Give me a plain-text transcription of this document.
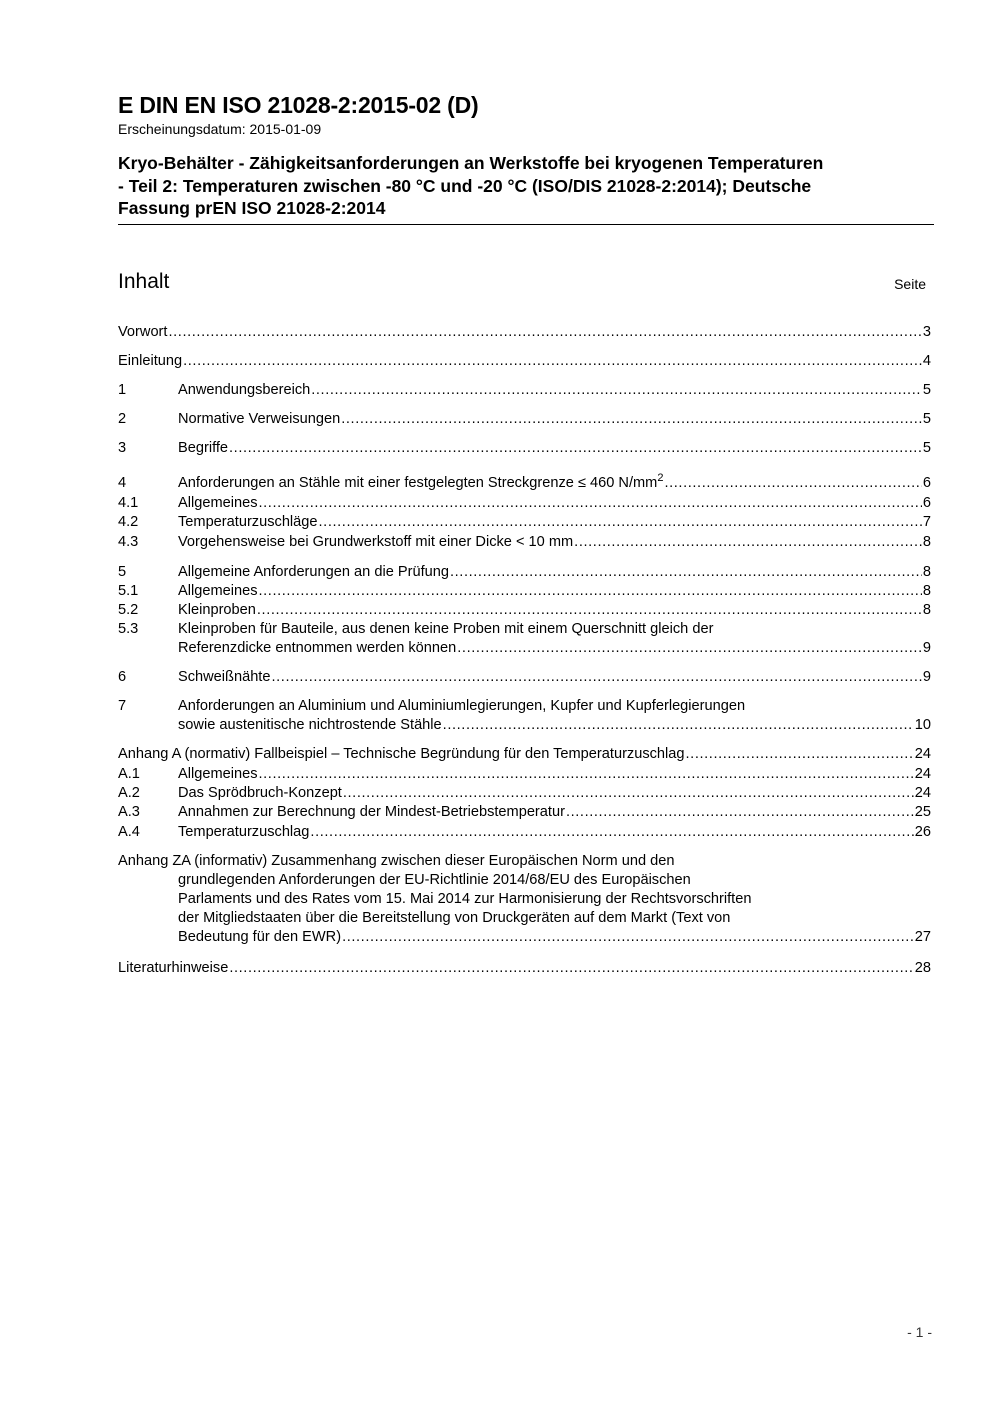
E DIN EN ISO 21028-2:2015-02 (D)
Erscheinungsdatum: 2015-01-09
Kryo-Behälter - Zähigkeitsanforderungen an Werkstoffe bei kryogenen Temperaturen
- Teil 2: Temperaturen zwischen -80 °C und -20 °C (ISO/DIS 21028-2:2014); Deutsche
Fassung prEN ISO 21028-2:2014
Inhalt	Seite
Vorwort .....	3
Einleitung .....	4
1	Anwendungsbereich .....	5
2	Normative Verweisungen .....	5
3	Begriffe .....	5
4	Anforderungen an Stähle mit einer festgelegten Streckgrenze ≤ 460 $N/mm^2$ .....	6
4.1	Allgemeines .....	6
4.2	Temperaturzuschläge .....	7
4.3	Vorgehensweise bei Grundwerkstoff mit einer Dicke < 10 mm .....	8
5	Allgemeine Anforderungen an die Prüfung .....	8
5.1	Allgemeines .....	8
5.2	Kleinproben .....	8
5.3	Kleinproben für Bauteile, aus denen keine Proben mit einem Querschnitt gleich der
Referenzdicke entnommen werden können .....	9
6	Schweißnähte .....	9
7	Anforderungen an Aluminium und Aluminiumlegierungen, Kupfer und Kupferlegierungen
sowie austenitische nichtrostende Stähle .....	10
Anhang A (normativ) Fallbeispiel – Technische Begründung für den Temperaturzuschlag .....	24
A.1	Allgemeines .....	24
A.2	Das Sprödbruch-Konzept .....	24
A.3	Annahmen zur Berechnung der Mindest-Betriebstemperatur .....	25
A.4	Temperaturzuschlag .....	26
Anhang ZA (informativ) Zusammenhang zwischen dieser Europäischen Norm und den
grundlegenden Anforderungen der EU-Richtlinie 2014/68/EU des Europäischen
Parlaments und des Rates vom 15. Mai 2014 zur Harmonisierung der Rechtsvorschriften
der Mitgliedstaaten über die Bereitstellung von Druckgeräten auf dem Markt (Text von
Bedeutung für den EWR) .....	27
Literaturhinweise .....	28
- 1 -
